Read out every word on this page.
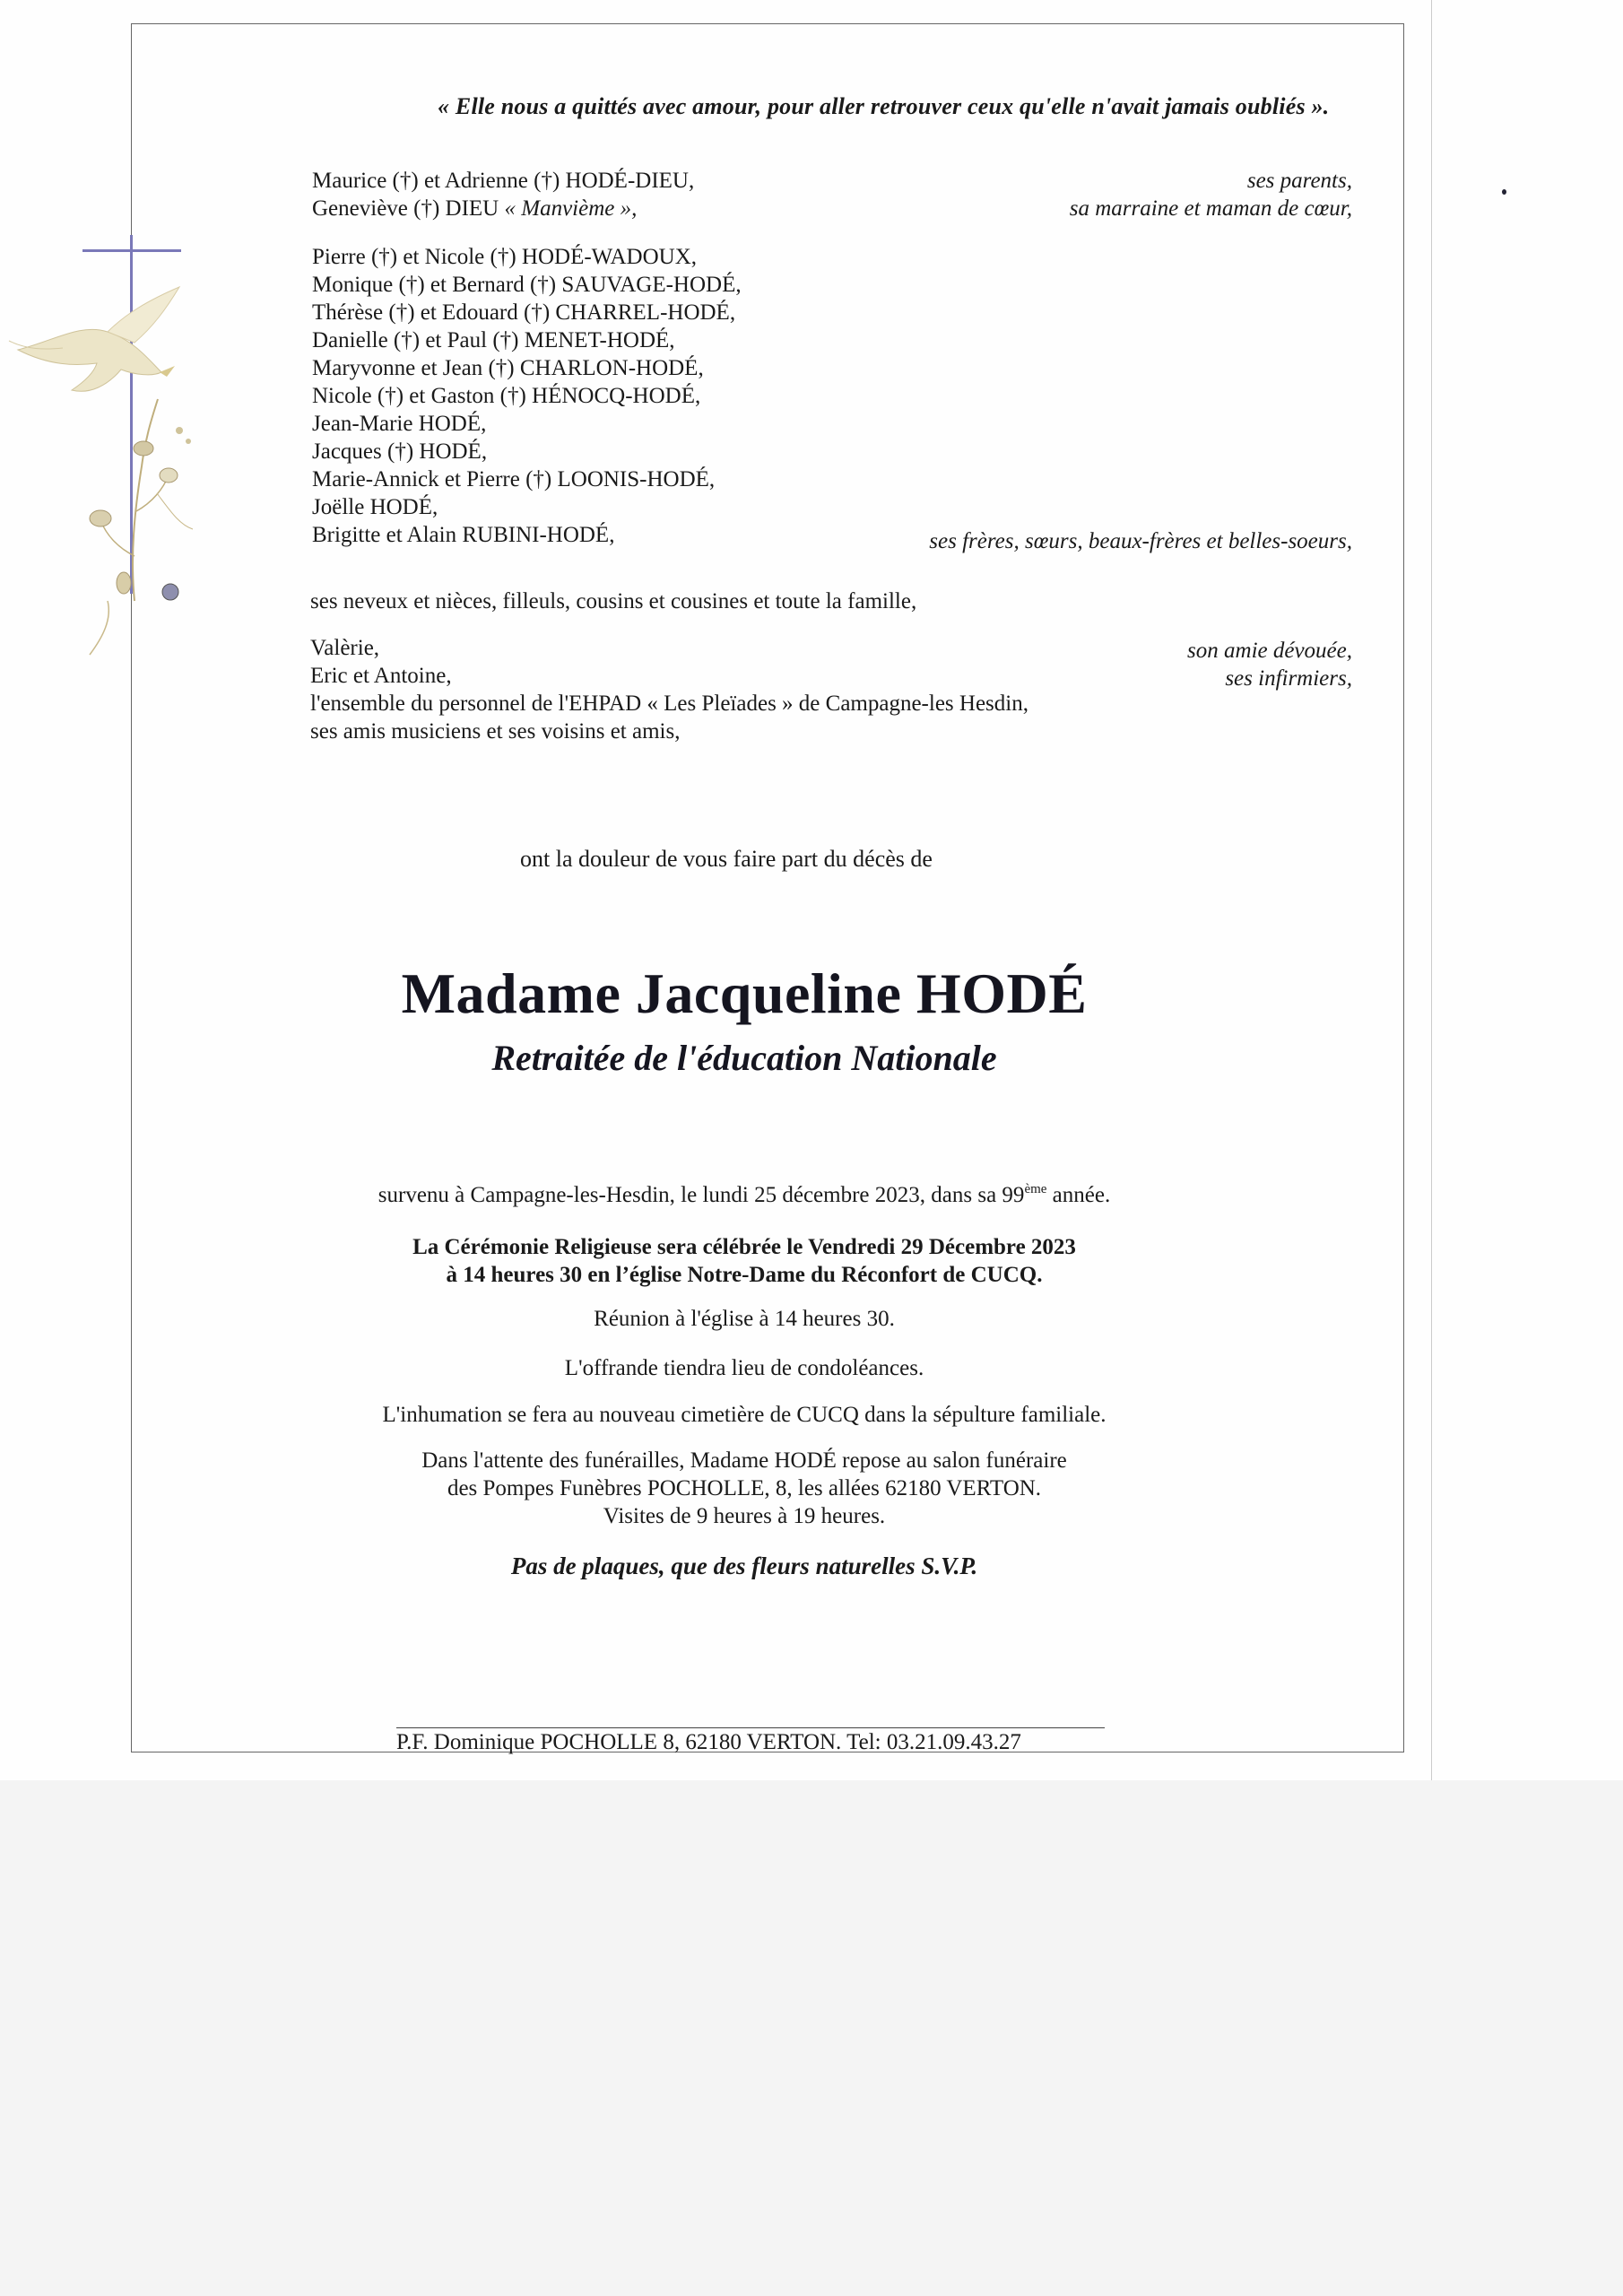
« Elle nous a quittés avec amour, pour aller retrouver ceux qu'elle n'avait jamais oubliés ».
Maurice (†) et Adrienne (†) HODÉ-DIEU,
Geneviève (†) DIEU « Manvième »,
ses parents,
sa marraine et maman de cœur,
Pierre (†) et Nicole (†) HODÉ-WADOUX,
Monique (†) et Bernard (†) SAUVAGE-HODÉ,
Thérèse (†) et Edouard (†) CHARREL-HODÉ,
Danielle (†) et Paul (†) MENET-HODÉ,
Maryvonne et Jean (†) CHARLON-HODÉ,
Nicole (†) et Gaston (†) HÉNOCQ-HODÉ,
Jean-Marie HODÉ,
Jacques (†) HODÉ,
Marie-Annick et Pierre (†) LOONIS-HODÉ,
Joëlle HODÉ,
Brigitte et Alain RUBINI-HODÉ,	ses frères, sœurs, beaux-frères et belles-soeurs,
ses neveux et nièces, filleuls, cousins et cousines et toute la famille,
Valèrie,
Eric et Antoine,
l'ensemble du personnel de l'EHPAD « Les Pleïades » de Campagne-les Hesdin,
ses amis musiciens et ses voisins et amis,
son amie dévouée,
ses infirmiers,
ont la douleur de vous faire part du décès de
Madame Jacqueline HODÉ
Retraitée de l'éducation Nationale
survenu à Campagne-les-Hesdin, le lundi 25 décembre 2023, dans sa 99ème année.
La Cérémonie Religieuse sera célébrée le Vendredi 29 Décembre 2023
à 14 heures 30 en l’église Notre-Dame du Réconfort de CUCQ.
Réunion à l'église à 14 heures 30.
L'offrande tiendra lieu de condoléances.
L'inhumation se fera au nouveau cimetière de CUCQ dans la sépulture familiale.
Dans l'attente des funérailles, Madame HODÉ repose au salon funéraire
des Pompes Funèbres POCHOLLE, 8, les allées 62180 VERTON.
Visites de 9 heures à 19 heures.
Pas de plaques, que des fleurs naturelles S.V.P.
P.F. Dominique POCHOLLE 8, 62180 VERTON. Tel: 03.21.09.43.27
